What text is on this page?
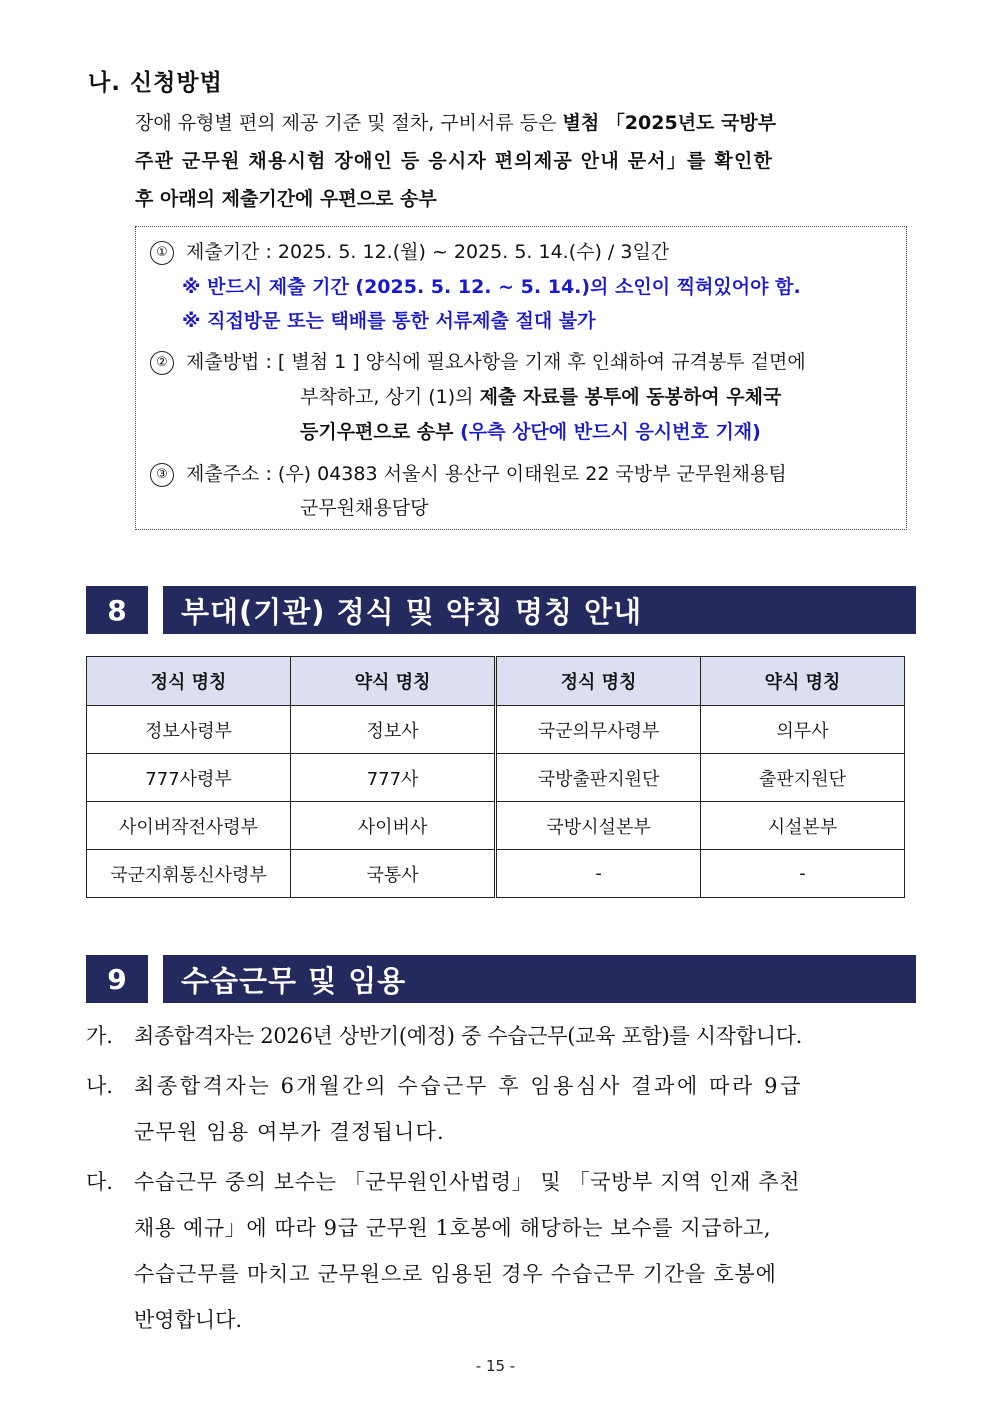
나. 신청방법
장애 유형별 편의 제공 기준 및 절차, 구비서류 등은 별첨 「2025년도 국방부
주관 군무원 채용시험 장애인 등 응시자 편의제공 안내 문서」를 확인한
후 아래의 제출기간에 우편으로 송부
① 제출기간 : 2025. 5. 12.(월) ~ 2025. 5. 14.(수) / 3일간
※ 반드시 제출 기간 (2025. 5. 12. ~ 5. 14.)의 소인이 찍혀있어야 함.
※ 직접방문 또는 택배를 통한 서류제출 절대 불가
② 제출방법 : [ 별첨 1 ] 양식에 필요사항을 기재 후 인쇄하여 규격봉투 겉면에
부착하고, 상기 (1)의 제출 자료를 봉투에 동봉하여 우체국
등기우편으로 송부 (우측 상단에 반드시 응시번호 기재)
③ 제출주소 : (우) 04383 서울시 용산구 이태원로 22 국방부 군무원채용팀
군무원채용담당
8	부대(기관) 정식 및 약칭 명칭 안내
정식 명칭	약식 명칭	정식 명칭	약식 명칭
정보사령부	정보사	국군의무사령부	의무사
777사령부	777사	국방출판지원단	출판지원단
사이버작전사령부	사이버사	국방시설본부	시설본부
국군지휘통신사령부	국통사	-	-
9	수습근무 및 임용
가.	최종합격자는 2026년 상반기(예정) 중 수습근무(교육 포함)를 시작합니다.
나.	최종합격자는 6개월간의 수습근무 후 임용심사 결과에 따라 9급
군무원 임용 여부가 결정됩니다.
다.	수습근무 중의 보수는 「군무원인사법령」 및 「국방부 지역 인재 추천
채용 예규」에 따라 9급 군무원 1호봉에 해당하는 보수를 지급하고,
수습근무를 마치고 군무원으로 임용된 경우 수습근무 기간을 호봉에
반영합니다.
- 15 -
